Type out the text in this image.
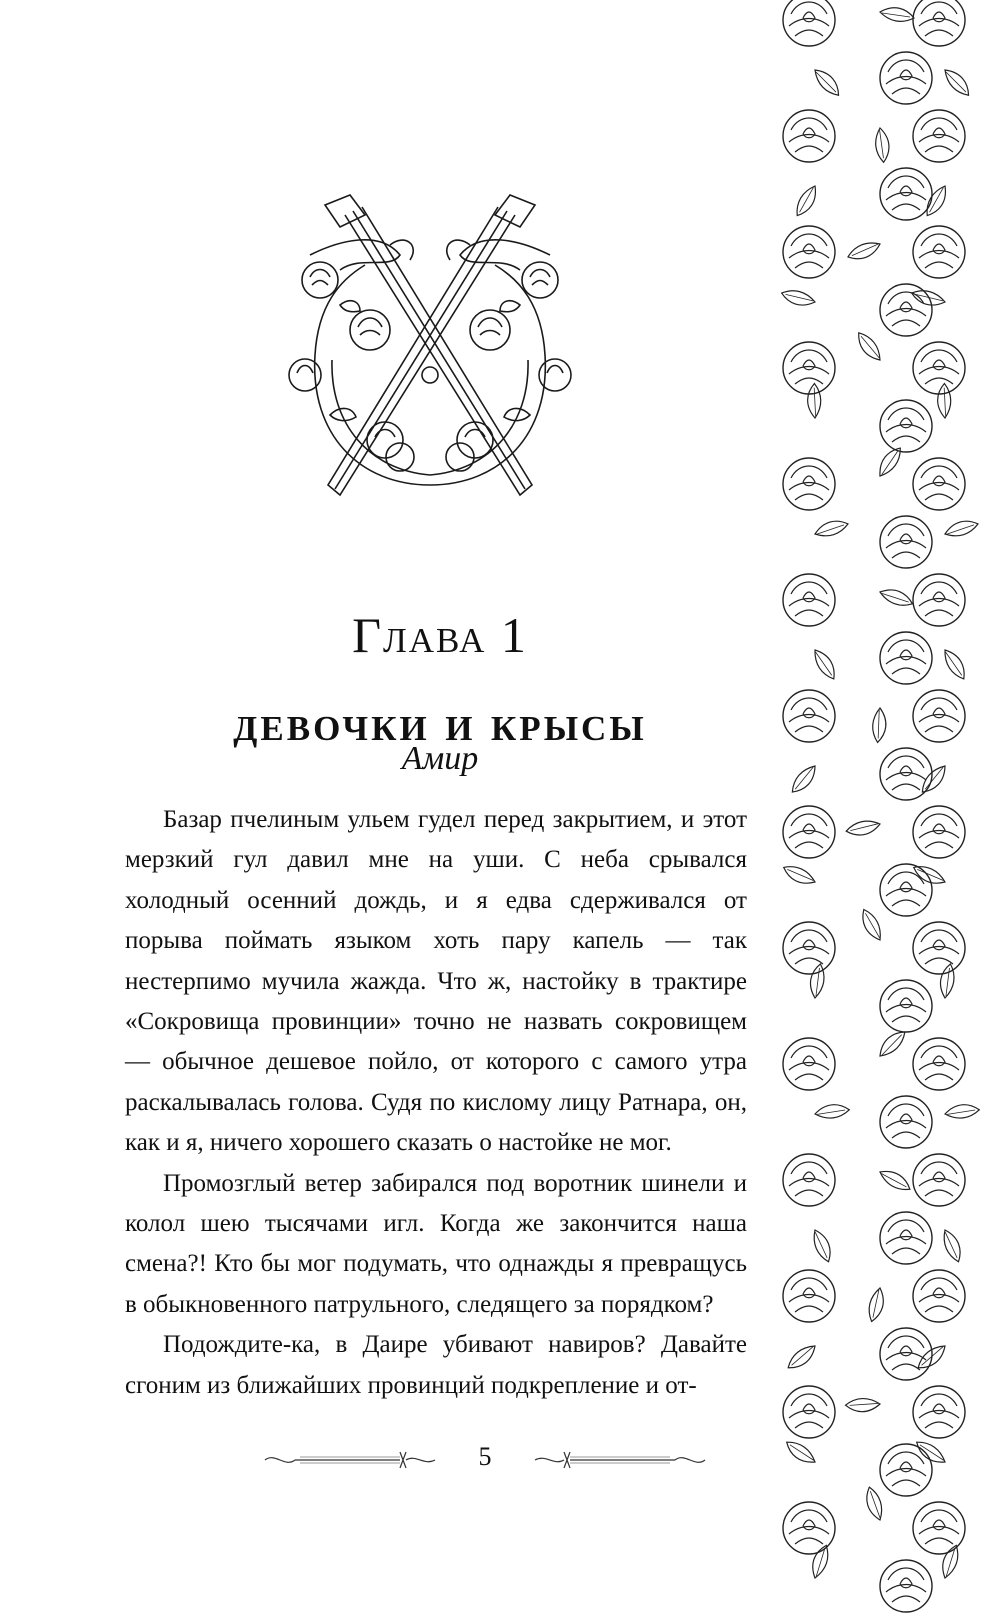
Глава 1
девочки и крысы
Амир

Базар пчелиным ульем гудел перед закрытием, и этот мерзкий гул давил мне на уши. С неба срывался холодный осенний дождь, и я едва сдерживался от порыва поймать языком хоть пару капель — так нестерпимо мучила жажда. Что ж, настойку в трактире «Сокровища провинции» точно не назвать сокровищем — обычное дешевое пойло, от которого с самого утра раскалывалась голова. Судя по кислому лицу Ратнара, он, как и я, ничего хорошего сказать о настойке не мог.

Промозглый ветер забирался под воротник шинели и колол шею тысячами игл. Когда же закончится наша смена?! Кто бы мог подумать, что однажды я превращусь в обыкновенного патрульного, следящего за порядком?

Подождите-ка, в Даире убивают навиров? Давайте сгоним из ближайших провинций подкрепление и от-

5
